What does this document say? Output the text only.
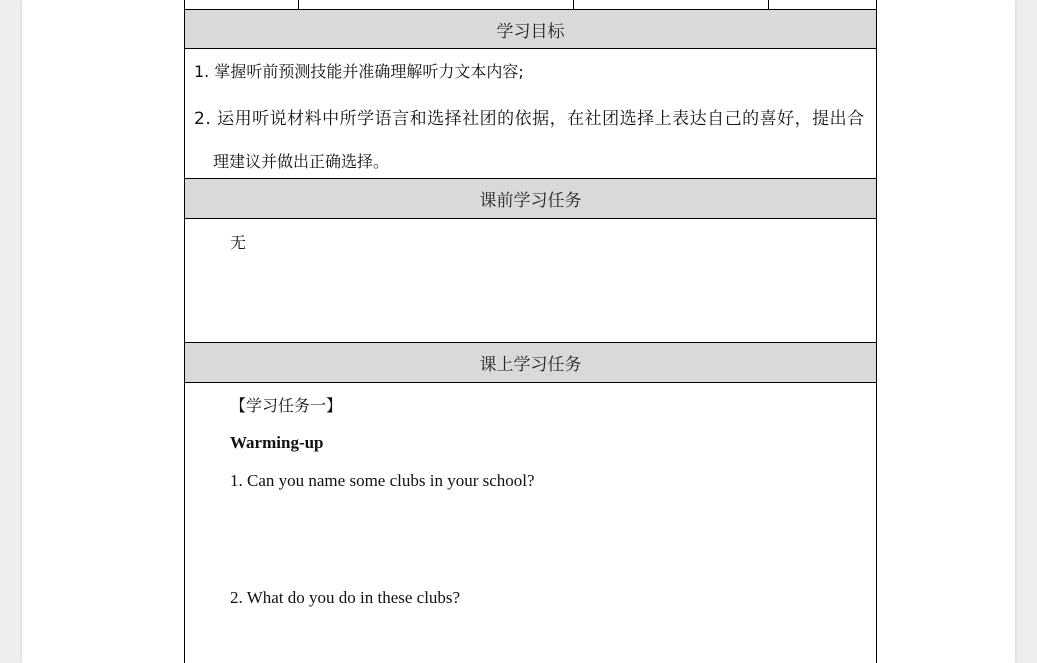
学习目标
1. 掌握听前预测技能并准确理解听力文本内容;
2. 运用听说材料中所学语言和选择社团的依据，在社团选择上表达自己的喜好，提出合
理建议并做出正确选择。
课前学习任务
无
课上学习任务
【学习任务一】
Warming-up
1. Can you name some clubs in your school?
2. What do you do in these clubs?
